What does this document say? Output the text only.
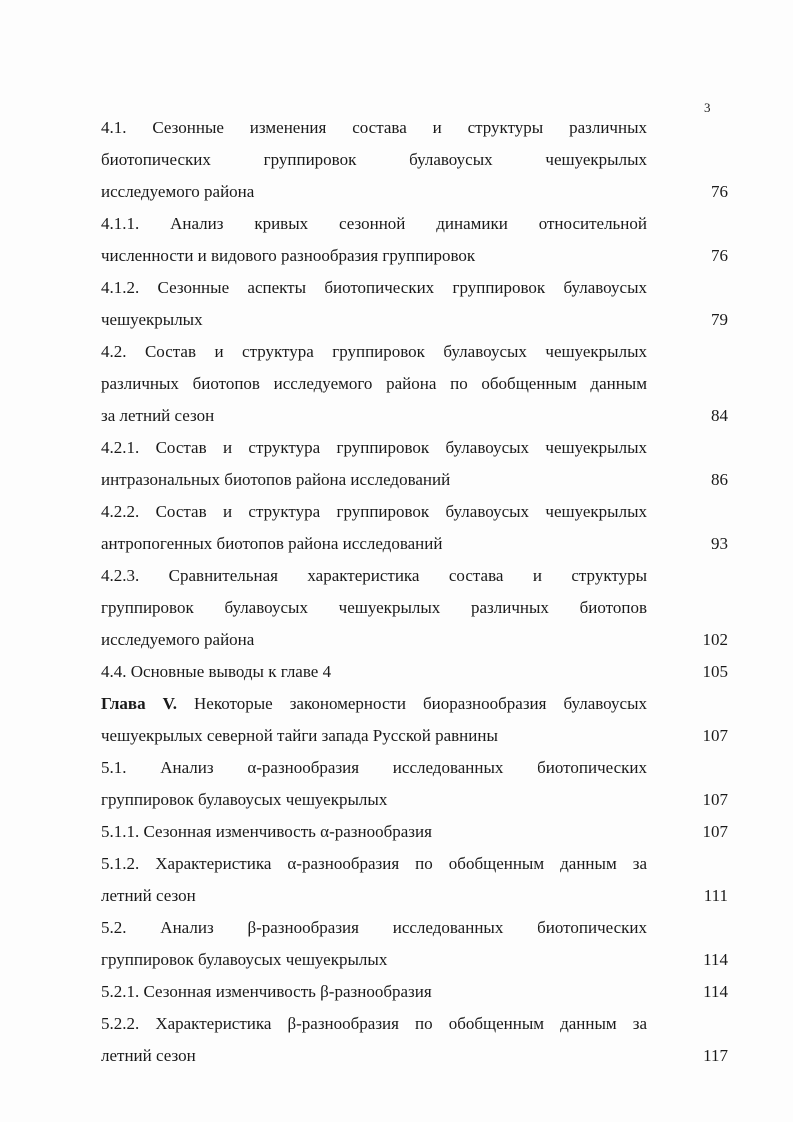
3
4.1. Сезонные изменения состава и структуры различных
биотопических группировок булавоусых чешуекрылых
исследуемого района	76
4.1.1. Анализ кривых сезонной динамики относительной
численности и видового разнообразия группировок	76
4.1.2. Сезонные аспекты биотопических группировок булавоусых
чешуекрылых	79
4.2. Состав и структура группировок булавоусых чешуекрылых
различных биотопов исследуемого района по обобщенным данным
за летний сезон	84
4.2.1. Состав и структура группировок булавоусых чешуекрылых
интразональных биотопов района исследований	86
4.2.2. Состав и структура группировок булавоусых чешуекрылых
антропогенных биотопов района исследований	93
4.2.3. Сравнительная характеристика состава и структуры
группировок булавоусых чешуекрылых различных биотопов
исследуемого района	102
4.4. Основные выводы к главе 4	105
Глава V. Некоторые закономерности биоразнообразия булавоусых
чешуекрылых северной тайги запада Русской равнины	107
5.1. Анализ α-разнообразия исследованных биотопических
группировок булавоусых чешуекрылых	107
5.1.1. Сезонная изменчивость α-разнообразия	107
5.1.2. Характеристика α-разнообразия по обобщенным данным за
летний сезон	111
5.2. Анализ β-разнообразия исследованных биотопических
группировок булавоусых чешуекрылых	114
5.2.1. Сезонная изменчивость β-разнообразия	114
5.2.2. Характеристика β-разнообразия по обобщенным данным за
летний сезон	117
